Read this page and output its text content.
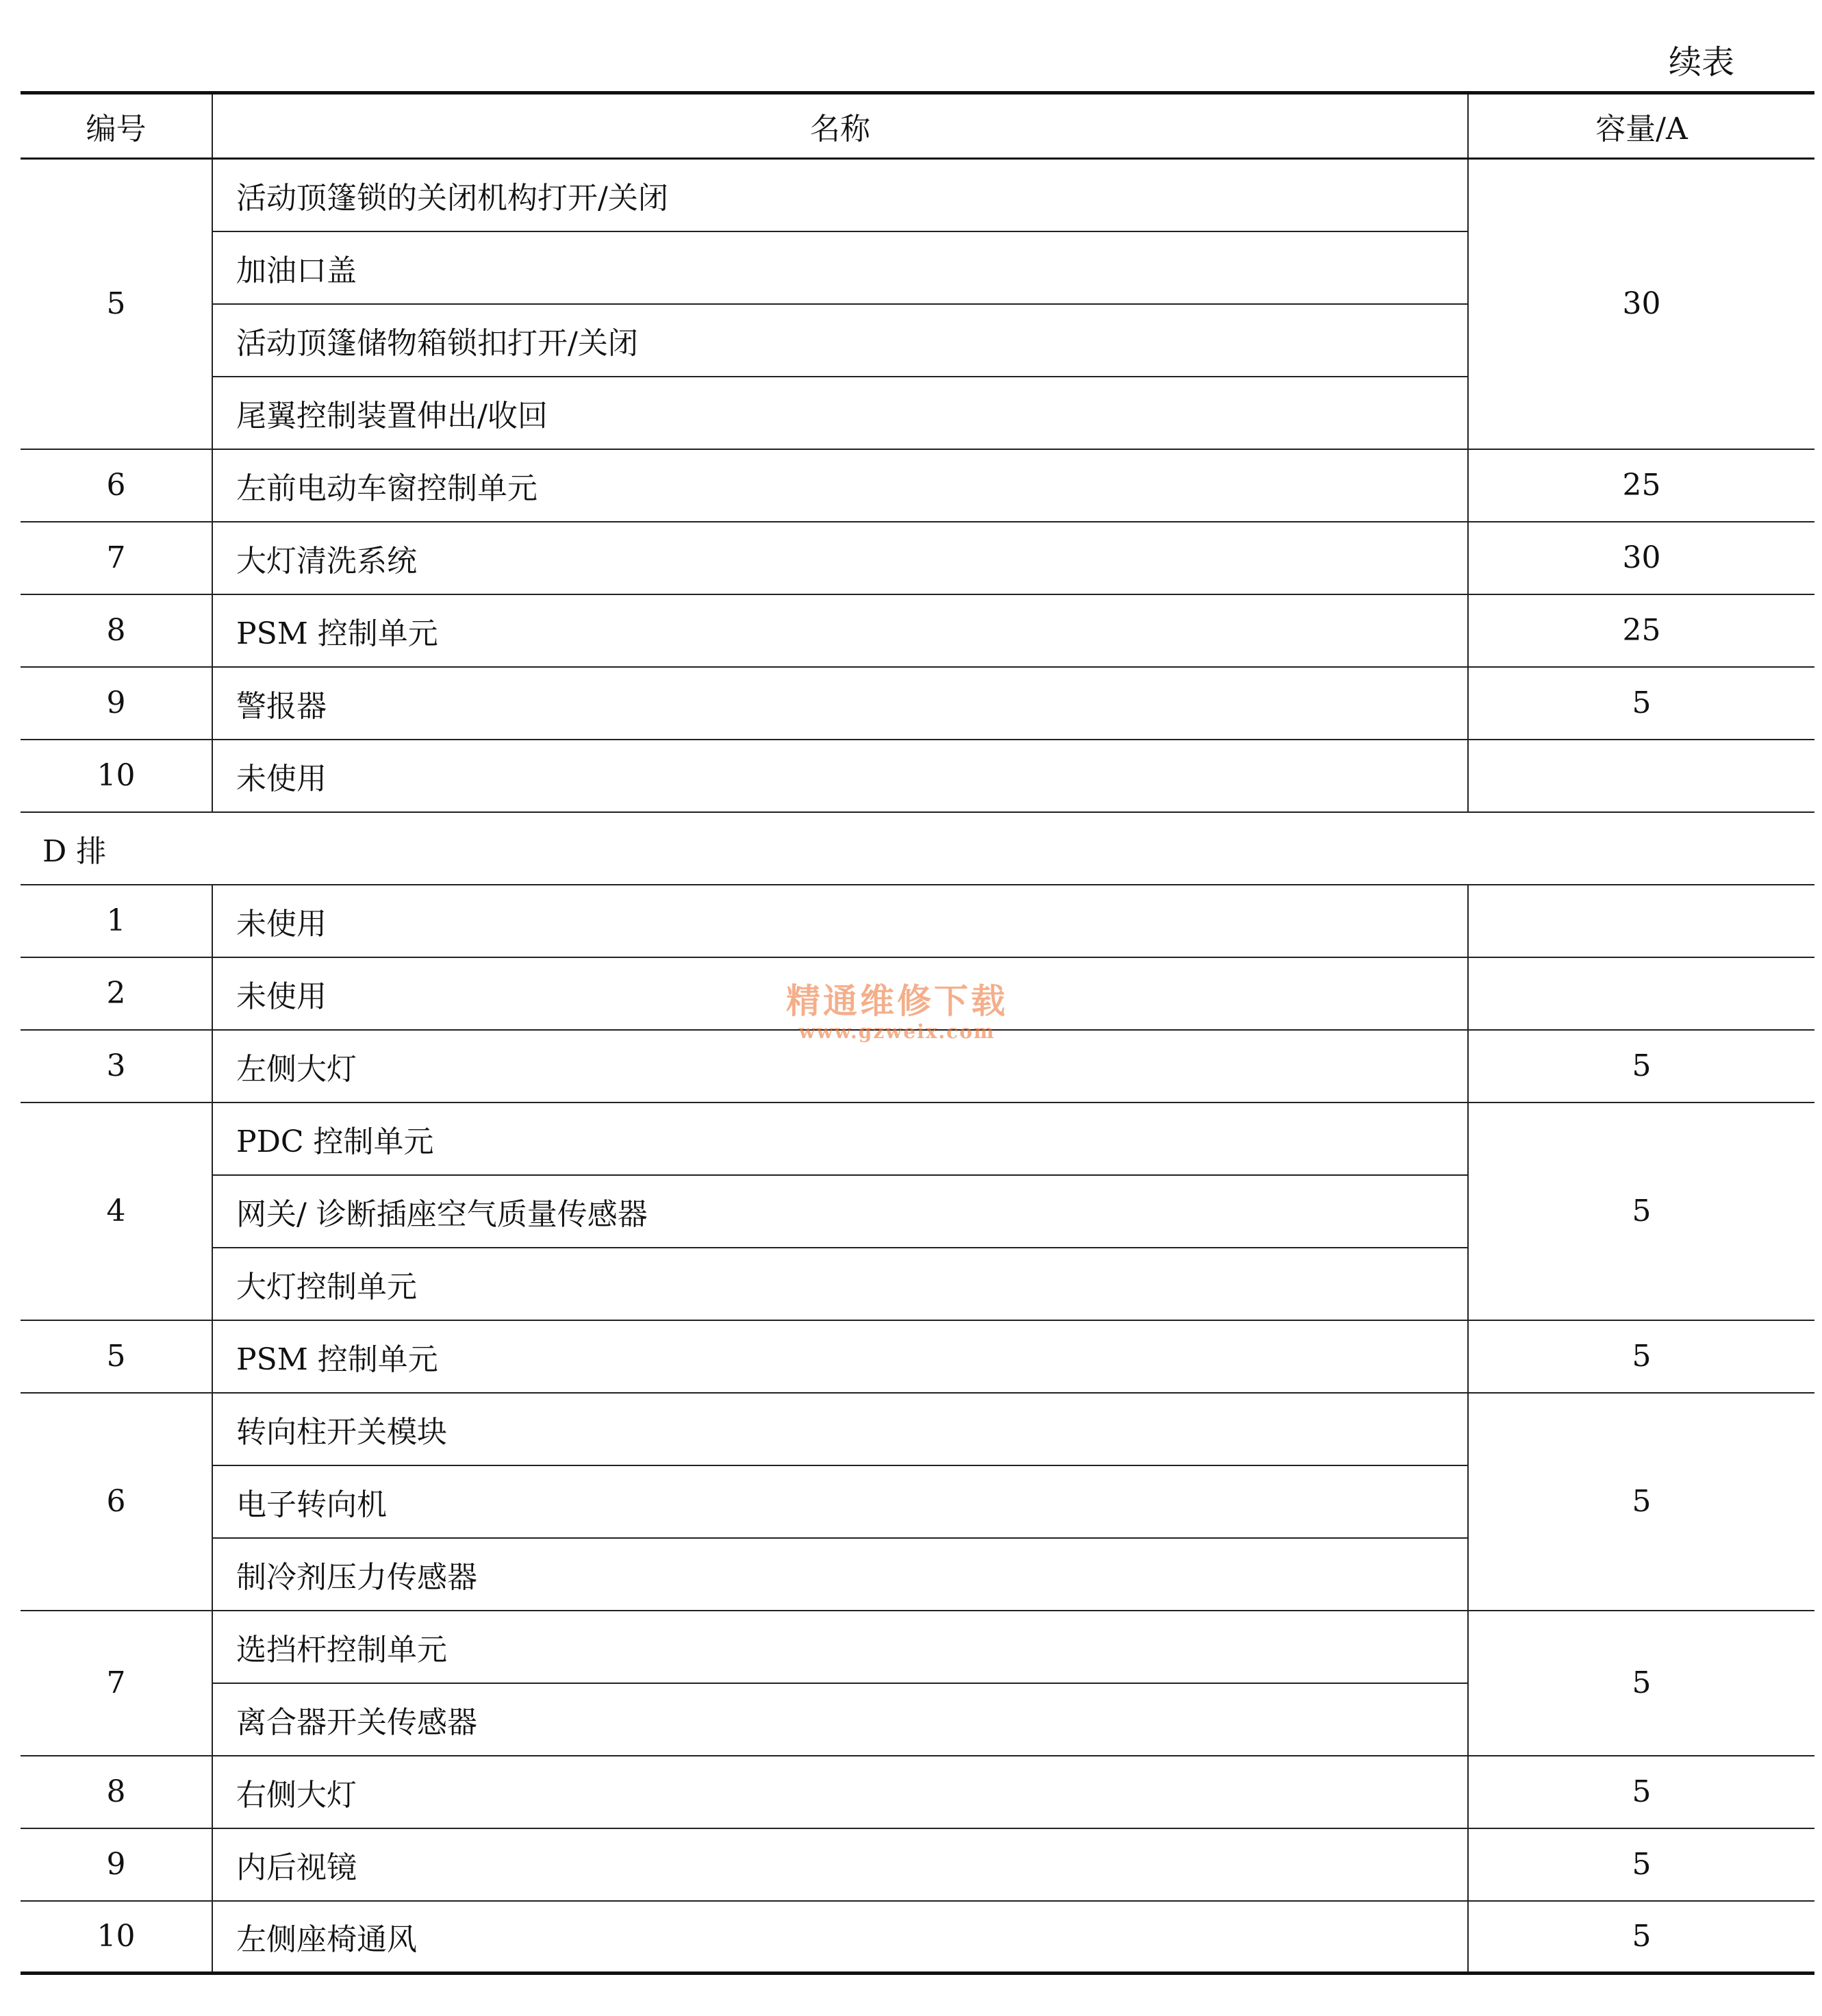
续表
编号	名称	容量/A
5	活动顶篷锁的关闭机构打开/关闭	30
	加油口盖	
	活动顶篷储物箱锁扣打开/关闭	
	尾翼控制装置伸出/收回	
6	左前电动车窗控制单元	25
7	大灯清洗系统	30
8	PSM 控制单元	25
9	警报器	5
10	未使用	
D 排		
1	未使用	
2	未使用	
3	左侧大灯	5
4	PDC 控制单元	5
	网关/ 诊断插座空气质量传感器	
	大灯控制单元	
5	PSM 控制单元	5
6	转向柱开关模块	5
	电子转向机	
	制冷剂压力传感器	
7	选挡杆控制单元	5
	离合器开关传感器	
8	右侧大灯	5
9	内后视镜	5
10	左侧座椅通风	5
精通维修下载
www.gzweix.com
